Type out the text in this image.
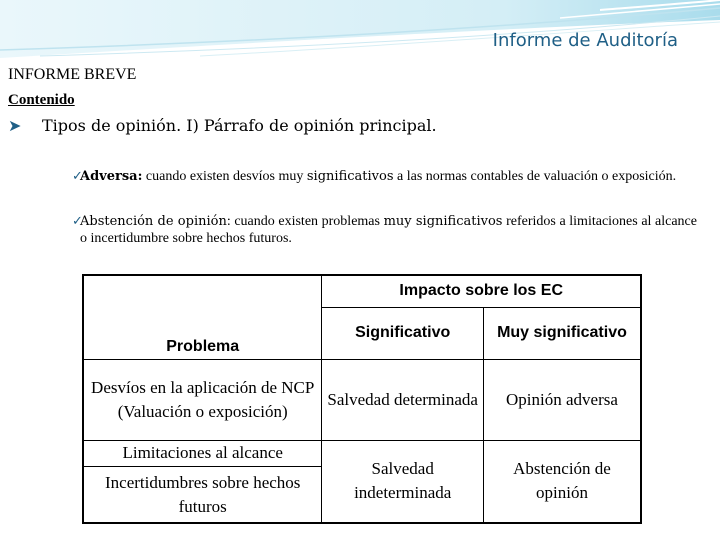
Informe de Auditoría
INFORME BREVE
Contenido
➤ Tipos de opinión. I) Párrafo de opinión principal.
✓
Adversa: cuando existen desvíos muy significativos a las normas contables de valuación o exposición.
✓
Abstención de opinión: cuando existen problemas muy significativos referidos a limitaciones al alcance o incertidumbre sobre hechos futuros.
	Impacto sobre los EC	
Problema	Significativo	Muy significativo
Desvíos en la aplicación de NCP (Valuación o exposición)	Salvedad determinada	Opinión adversa
Limitaciones al alcance	Salvedad indeterminada	Abstención de opinión
Incertidumbres sobre hechos futuros		
